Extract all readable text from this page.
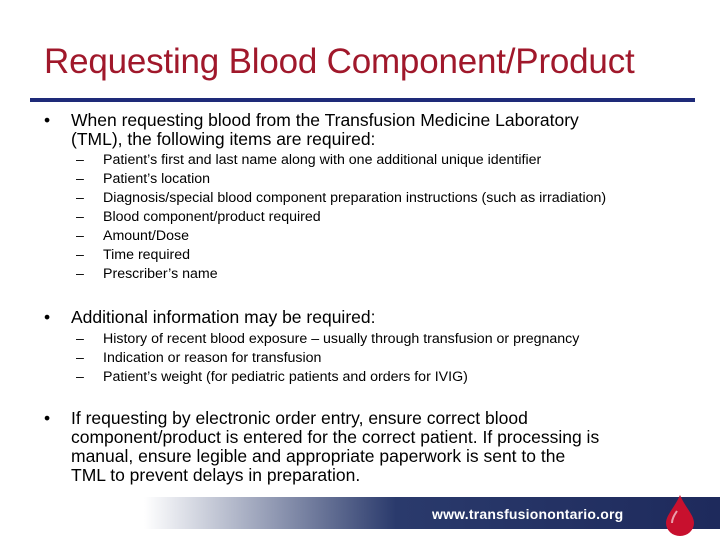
Requesting Blood Component/Product
• When requesting blood from the Transfusion Medicine Laboratory
(TML), the following items are required:
– Patient’s first and last name along with one additional unique identifier
– Patient’s location
– Diagnosis/special blood component preparation instructions (such as irradiation)
– Blood component/product required
– Amount/Dose
– Time required
– Prescriber’s name
• Additional information may be required:
– History of recent blood exposure – usually through transfusion or pregnancy
– Indication or reason for transfusion
– Patient’s weight (for pediatric patients and orders for IVIG)
• If requesting by electronic order entry, ensure correct blood
component/product is entered for the correct patient. If processing is
manual, ensure legible and appropriate paperwork is sent to the
TML to prevent delays in preparation.
www.transfusionontario.org
